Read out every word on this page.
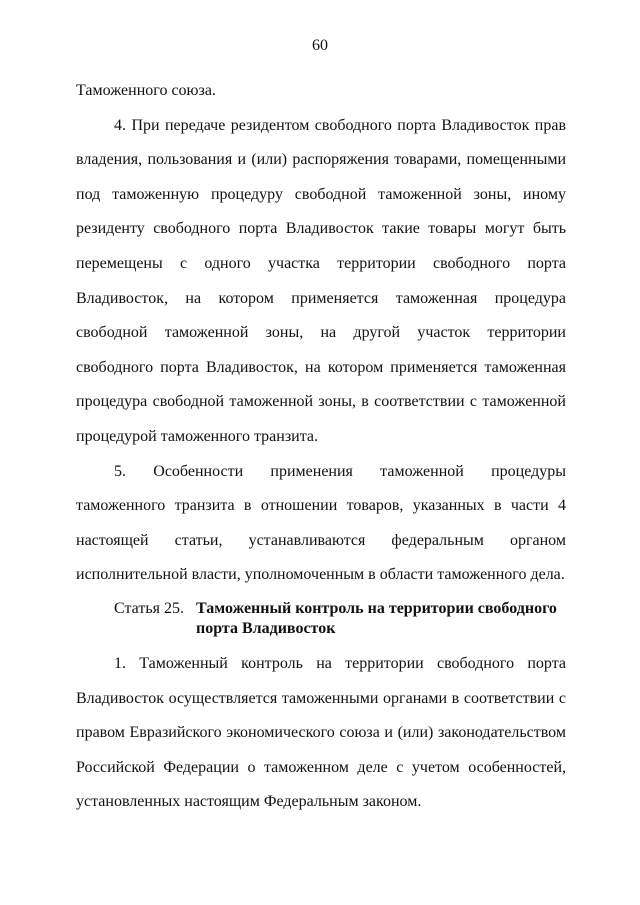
60

Таможенного союза.

4. При передаче резидентом свободного порта Владивосток прав владения, пользования и (или) распоряжения товарами, помещенными под таможенную процедуру свободной таможенной зоны, иному резиденту свободного порта Владивосток такие товары могут быть перемещены с одного участка территории свободного порта Владивосток, на котором применяется таможенная процедура свободной таможенной зоны, на другой участок территории свободного порта Владивосток, на котором применяется таможенная процедура свободной таможенной зоны, в соответствии с таможенной процедурой таможенного транзита.

5. Особенности применения таможенной процедуры таможенного транзита в отношении товаров, указанных в части 4 настоящей статьи, устанавливаются федеральным органом исполнительной власти, уполномоченным в области таможенного дела.

Статья 25. Таможенный контроль на территории свободного порта Владивосток

1. Таможенный контроль на территории свободного порта Владивосток осуществляется таможенными органами в соответствии с правом Евразийского экономического союза и (или) законодательством Российской Федерации о таможенном деле с учетом особенностей, установленных настоящим Федеральным законом.
